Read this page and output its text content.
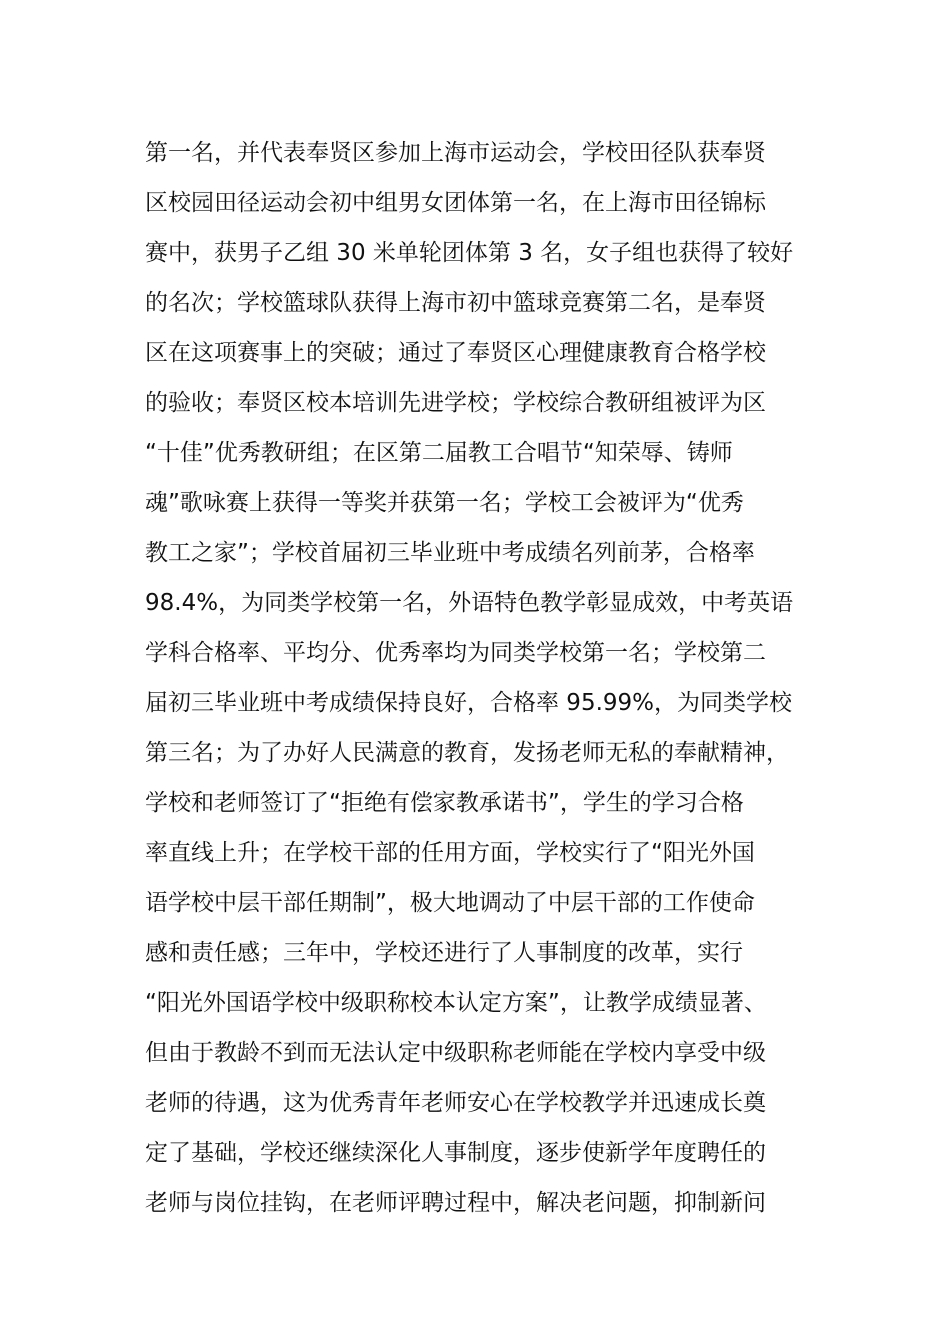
第一名，并代表奉贤区参加上海市运动会，学校田径队获奉贤
区校园田径运动会初中组男女团体第一名，在上海市田径锦标
赛中，获男子乙组 30 米单轮团体第 3 名，女子组也获得了较好
的名次；学校篮球队获得上海市初中篮球竞赛第二名，是奉贤
区在这项赛事上的突破；通过了奉贤区心理健康教育合格学校
的验收；奉贤区校本培训先进学校；学校综合教研组被评为区
“十佳”优秀教研组；在区第二届教工合唱节“知荣辱、铸师
魂”歌咏赛上获得一等奖并获第一名；学校工会被评为“优秀
教工之家”；学校首届初三毕业班中考成绩名列前茅，合格率
98.4%，为同类学校第一名，外语特色教学彰显成效，中考英语
学科合格率、平均分、优秀率均为同类学校第一名；学校第二
届初三毕业班中考成绩保持良好，合格率 95.99%，为同类学校
第三名；为了办好人民满意的教育，发扬老师无私的奉献精神，
学校和老师签订了“拒绝有偿家教承诺书”，学生的学习合格
率直线上升；在学校干部的任用方面，学校实行了“阳光外国
语学校中层干部任期制”，极大地调动了中层干部的工作使命
感和责任感；三年中，学校还进行了人事制度的改革，实行
“阳光外国语学校中级职称校本认定方案”，让教学成绩显著、
但由于教龄不到而无法认定中级职称老师能在学校内享受中级
老师的待遇，这为优秀青年老师安心在学校教学并迅速成长奠
定了基础，学校还继续深化人事制度，逐步使新学年度聘任的
老师与岗位挂钩，在老师评聘过程中，解决老问题，抑制新问
